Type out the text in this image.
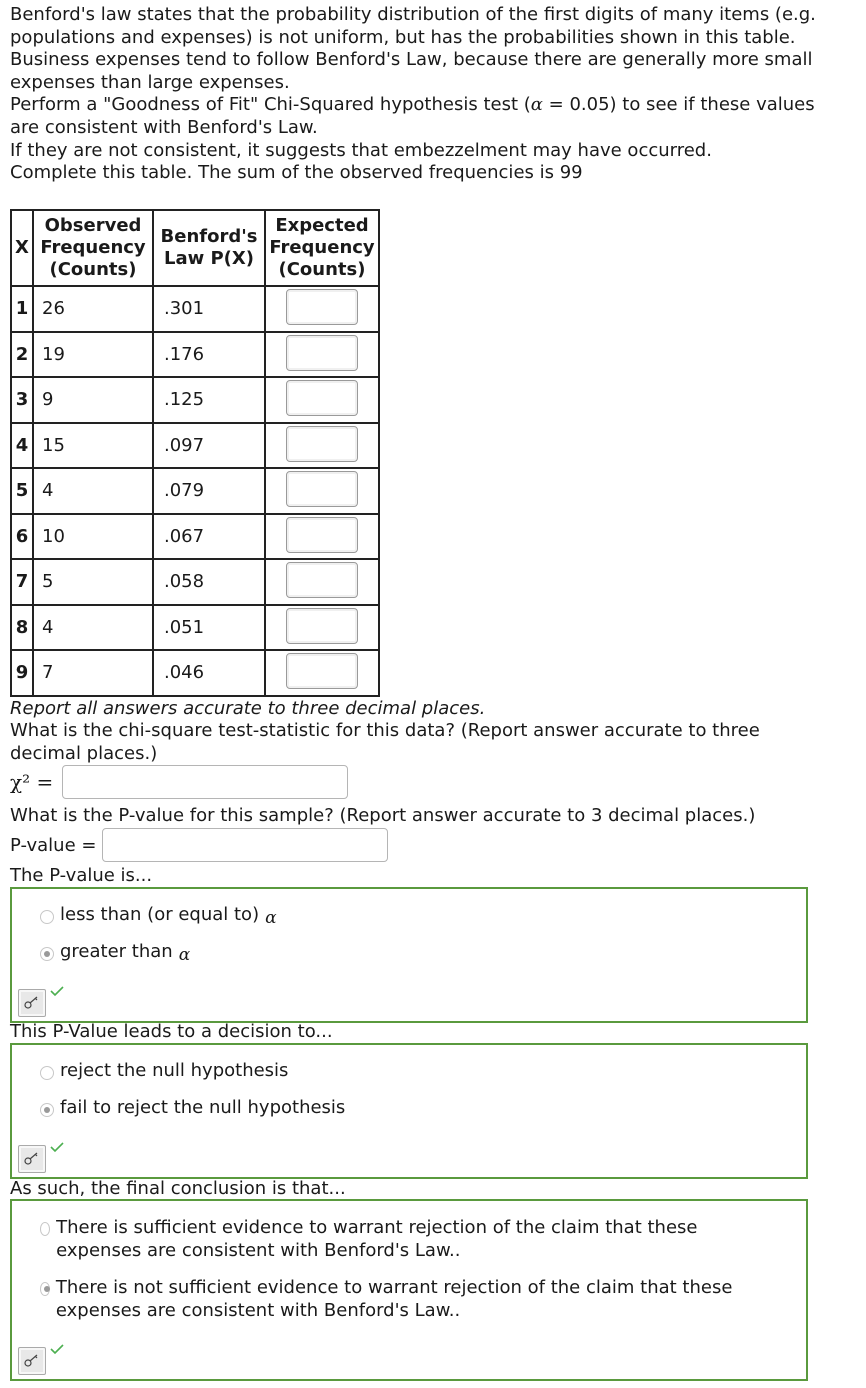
Benford's law states that the probability distribution of the first digits of many items (e.g. populations and expenses) is not uniform, but has the probabilities shown in this table.

Business expenses tend to follow Benford's Law, because there are generally more small expenses than large expenses.

Perform a "Goodness of Fit" Chi-Squared hypothesis test (α = 0.05) to see if these values are consistent with Benford's Law.

If they are not consistent, it suggests that embezzelment may have occurred.

Complete this table. The sum of the observed frequencies is 99

X	Observed Frequency (Counts)	Benford's Law P(X)	Expected Frequency (Counts)
1	26	.301	
2	19	.176	
3	9	.125	
4	15	.097	
5	4	.079	
6	10	.067	
7	5	.058	
8	4	.051	
9	7	.046	
Report all answers accurate to three decimal places.
What is the chi-square test-statistic for this data? (Report answer accurate to three decimal places.)
χ² =
What is the P-value for this sample? (Report answer accurate to 3 decimal places.)
P-value =
The P-value is...
less than (or equal to) α
greater than α
This P-Value leads to a decision to...
reject the null hypothesis
fail to reject the null hypothesis
As such, the final conclusion is that...
There is sufficient evidence to warrant rejection of the claim that these expenses are consistent with Benford's Law..
There is not sufficient evidence to warrant rejection of the claim that these expenses are consistent with Benford's Law..
